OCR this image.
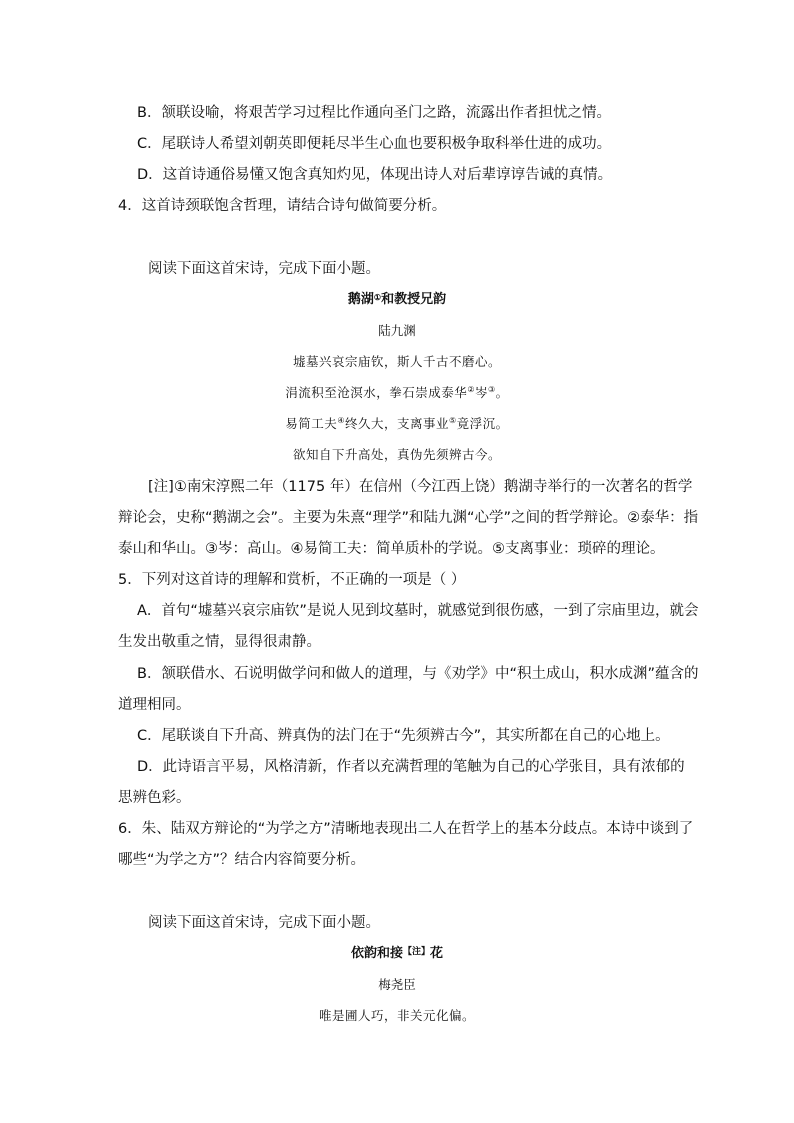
B．颔联设喻，将艰苦学习过程比作通向圣门之路，流露出作者担忧之情。
C．尾联诗人希望刘朝英即便耗尽半生心血也要积极争取科举仕进的成功。
D．这首诗通俗易懂又饱含真知灼见，体现出诗人对后辈谆谆告诫的真情。
4．这首诗颈联饱含哲理，请结合诗句做简要分析。
阅读下面这首宋诗，完成下面小题。
鹅湖①和教授兄韵
陆九渊
墟墓兴哀宗庙钦，斯人千古不磨心。
涓流积至沧溟水，拳石崇成泰华②岑③。
易简工夫④终久大，支离事业⑤竟浮沉。
欲知自下升高处，真伪先须辨古今。
[注]①南宋淳熙二年（1175 年）在信州（今江西上饶）鹅湖寺举行的一次著名的哲学
辩论会，史称“鹅湖之会”。主要为朱熹“理学”和陆九渊“心学”之间的哲学辩论。②泰华：指
泰山和华山。③岑：高山。④易简工夫：简单质朴的学说。⑤支离事业：琐碎的理论。
5．下列对这首诗的理解和赏析，不正确的一项是（ ）
A．首句“墟墓兴哀宗庙钦”是说人见到坟墓时，就感觉到很伤感，一到了宗庙里边，就会
生发出敬重之情，显得很肃静。
B．颔联借水、石说明做学问和做人的道理，与《劝学》中“积土成山，积水成渊”蕴含的
道理相同。
C．尾联谈自下升高、辨真伪的法门在于“先须辨古今”，其实所都在自己的心地上。
D．此诗语言平易，风格清新，作者以充满哲理的笔触为自己的心学张目，具有浓郁的
思辨色彩。
6．朱、陆双方辩论的“为学之方”清晰地表现出二人在哲学上的基本分歧点。本诗中谈到了
哪些“为学之方”？结合内容简要分析。
阅读下面这首宋诗，完成下面小题。
依韵和接$^{【注】}$花
梅尧臣
唯是圃人巧，非关元化偏。
